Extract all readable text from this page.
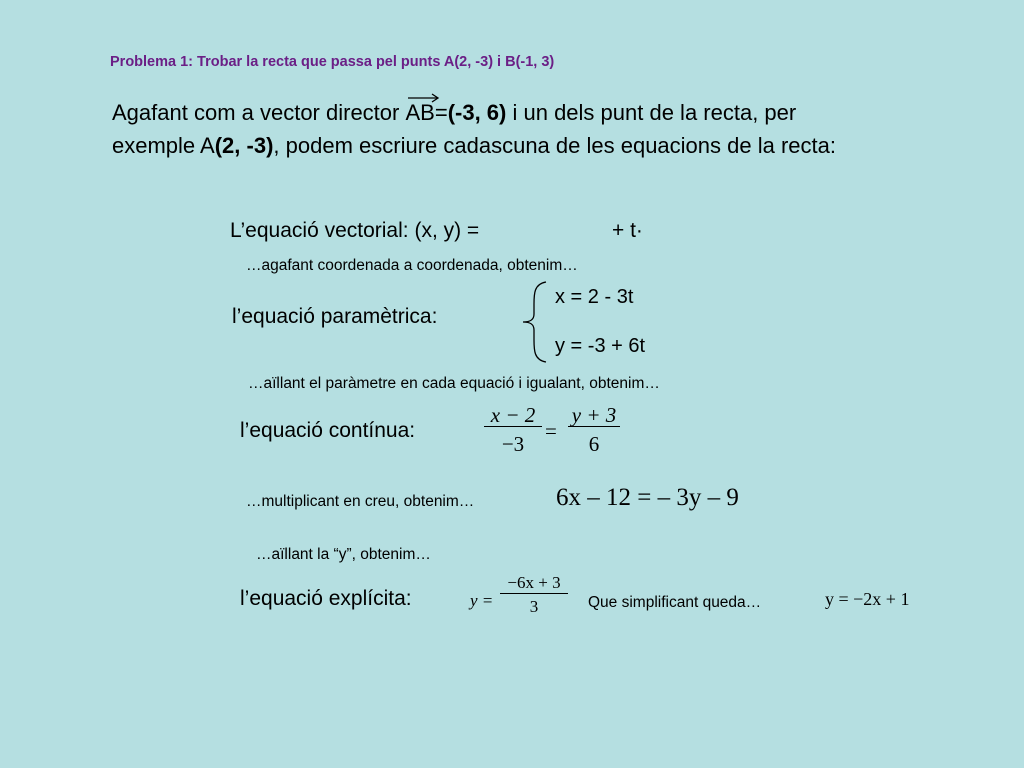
Problema 1: Trobar la recta que passa pel punts A(2, -3) i B(-1, 3)
Agafant com a vector director
AB=(-3, 6) i un dels punt de la recta, per
exemple A(2, -3), podem escriure cadascuna de les equacions de la recta:
L’equació vectorial: (x, y) =	+ t·
…agafant coordenada a coordenada, obtenim…
l’equació paramètrica:
x = 2 - 3t
y = -3 + 6t
…aïllant el paràmetre en cada equació i igualant, obtenim…
l’equació contínua:
x − 2
−3
=
y + 3
6
…multiplicant en creu, obtenim…	6x – 12 = – 3y – 9
…aïllant la “y”, obtenim…
l’equació explícita:	y =
−6x + 3
3	Que simplificant queda…	y = −2x + 1
